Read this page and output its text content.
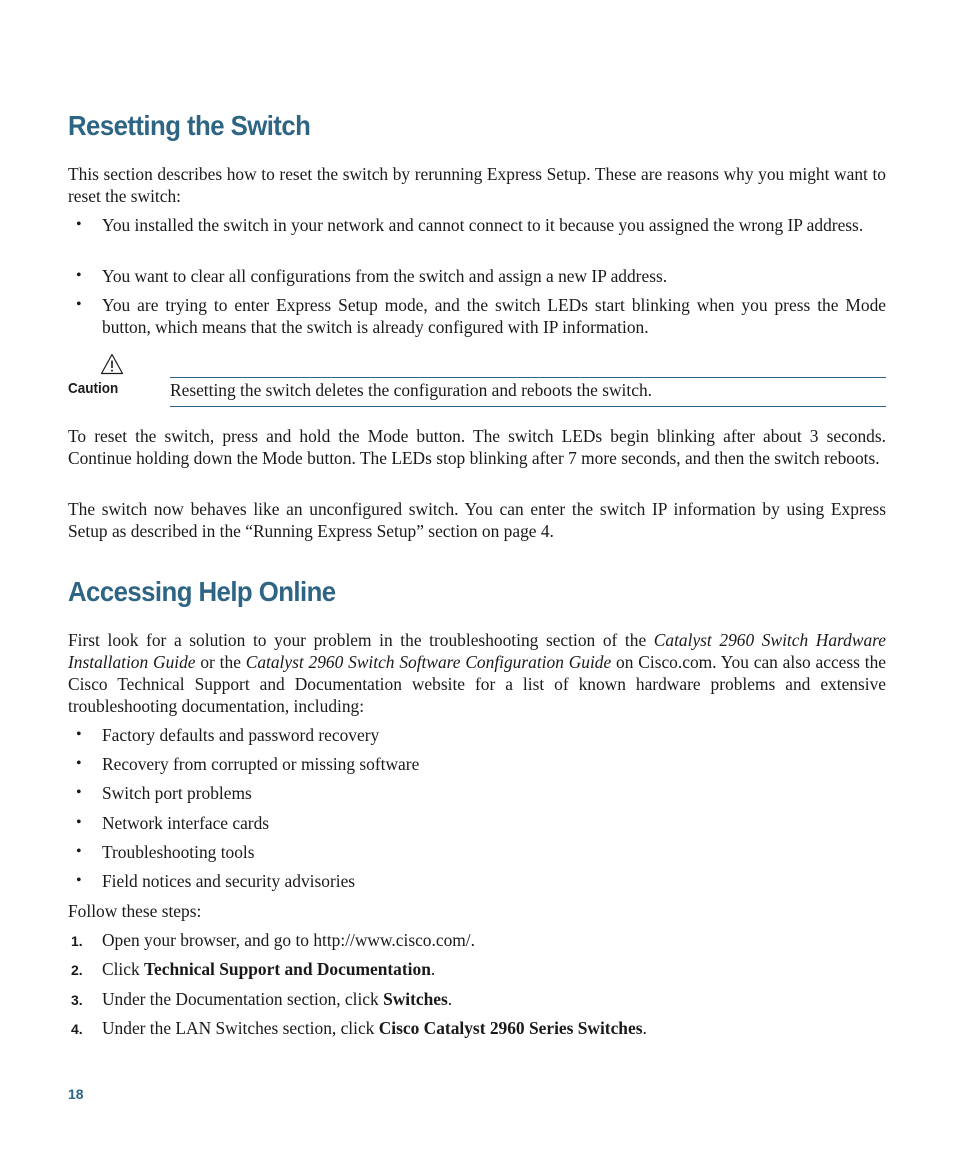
Resetting the Switch

This section describes how to reset the switch by rerunning Express Setup. These are reasons why you might want to reset the switch:

• You installed the switch in your network and cannot connect to it because you assigned the wrong IP address.
• You want to clear all configurations from the switch and assign a new IP address.
• You are trying to enter Express Setup mode, and the switch LEDs start blinking when you press the Mode button, which means that the switch is already configured with IP information.
Caution	Resetting the switch deletes the configuration and reboots the switch.

To reset the switch, press and hold the Mode button. The switch LEDs begin blinking after about 3 seconds. Continue holding down the Mode button. The LEDs stop blinking after 7 more seconds, and then the switch reboots.

The switch now behaves like an unconfigured switch. You can enter the switch IP information by using Express Setup as described in the “Running Express Setup” section on page 4.

Accessing Help Online

First look for a solution to your problem in the troubleshooting section of the Catalyst 2960 Switch Hardware Installation Guide or the Catalyst 2960 Switch Software Configuration Guide on Cisco.com. You can also access the Cisco Technical Support and Documentation website for a list of known hardware problems and extensive troubleshooting documentation, including:

• Factory defaults and password recovery
• Recovery from corrupted or missing software
• Switch port problems
• Network interface cards
• Troubleshooting tools
• Field notices and security advisories

Follow these steps:

1. Open your browser, and go to http://www.cisco.com/.
2. Click Technical Support and Documentation.
3. Under the Documentation section, click Switches.
4. Under the LAN Switches section, click Cisco Catalyst 2960 Series Switches.
18
